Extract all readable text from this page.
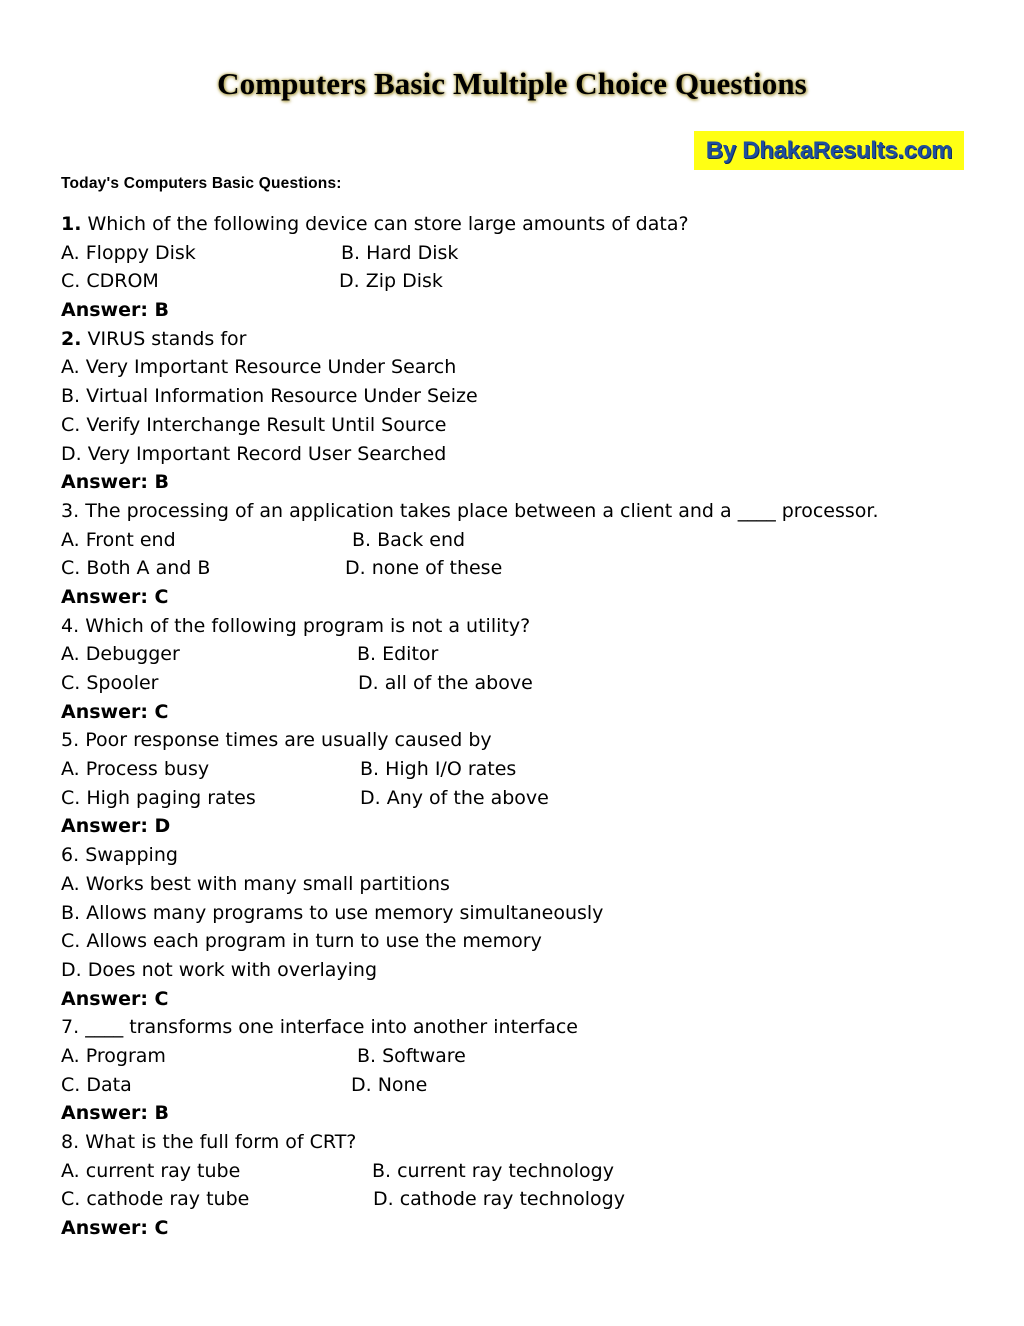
Computers Basic Multiple Choice Questions
By DhakaResults.com
Today's Computers Basic Questions:
1. Which of the following device can store large amounts of data?
A. Floppy Disk	B. Hard Disk
C. CDROM	D. Zip Disk
Answer: B
2. VIRUS stands for
A. Very Important Resource Under Search
B. Virtual Information Resource Under Seize
C. Verify Interchange Result Until Source
D. Very Important Record User Searched
Answer: B
3. The processing of an application takes place between a client and a ____ processor.
A. Front end	B. Back end
C. Both A and B	D. none of these
Answer: C
4. Which of the following program is not a utility?
A. Debugger	B. Editor
C. Spooler	D. all of the above
Answer: C
5. Poor response times are usually caused by
A. Process busy	B. High I/O rates
C. High paging rates	D. Any of the above
Answer: D
6. Swapping
A. Works best with many small partitions
B. Allows many programs to use memory simultaneously
C. Allows each program in turn to use the memory
D. Does not work with overlaying
Answer: C
7. ____ transforms one interface into another interface
A. Program	B. Software
C. Data	D. None
Answer: B
8. What is the full form of CRT?
A. current ray tube	B. current ray technology
C. cathode ray tube	D. cathode ray technology
Answer: C
